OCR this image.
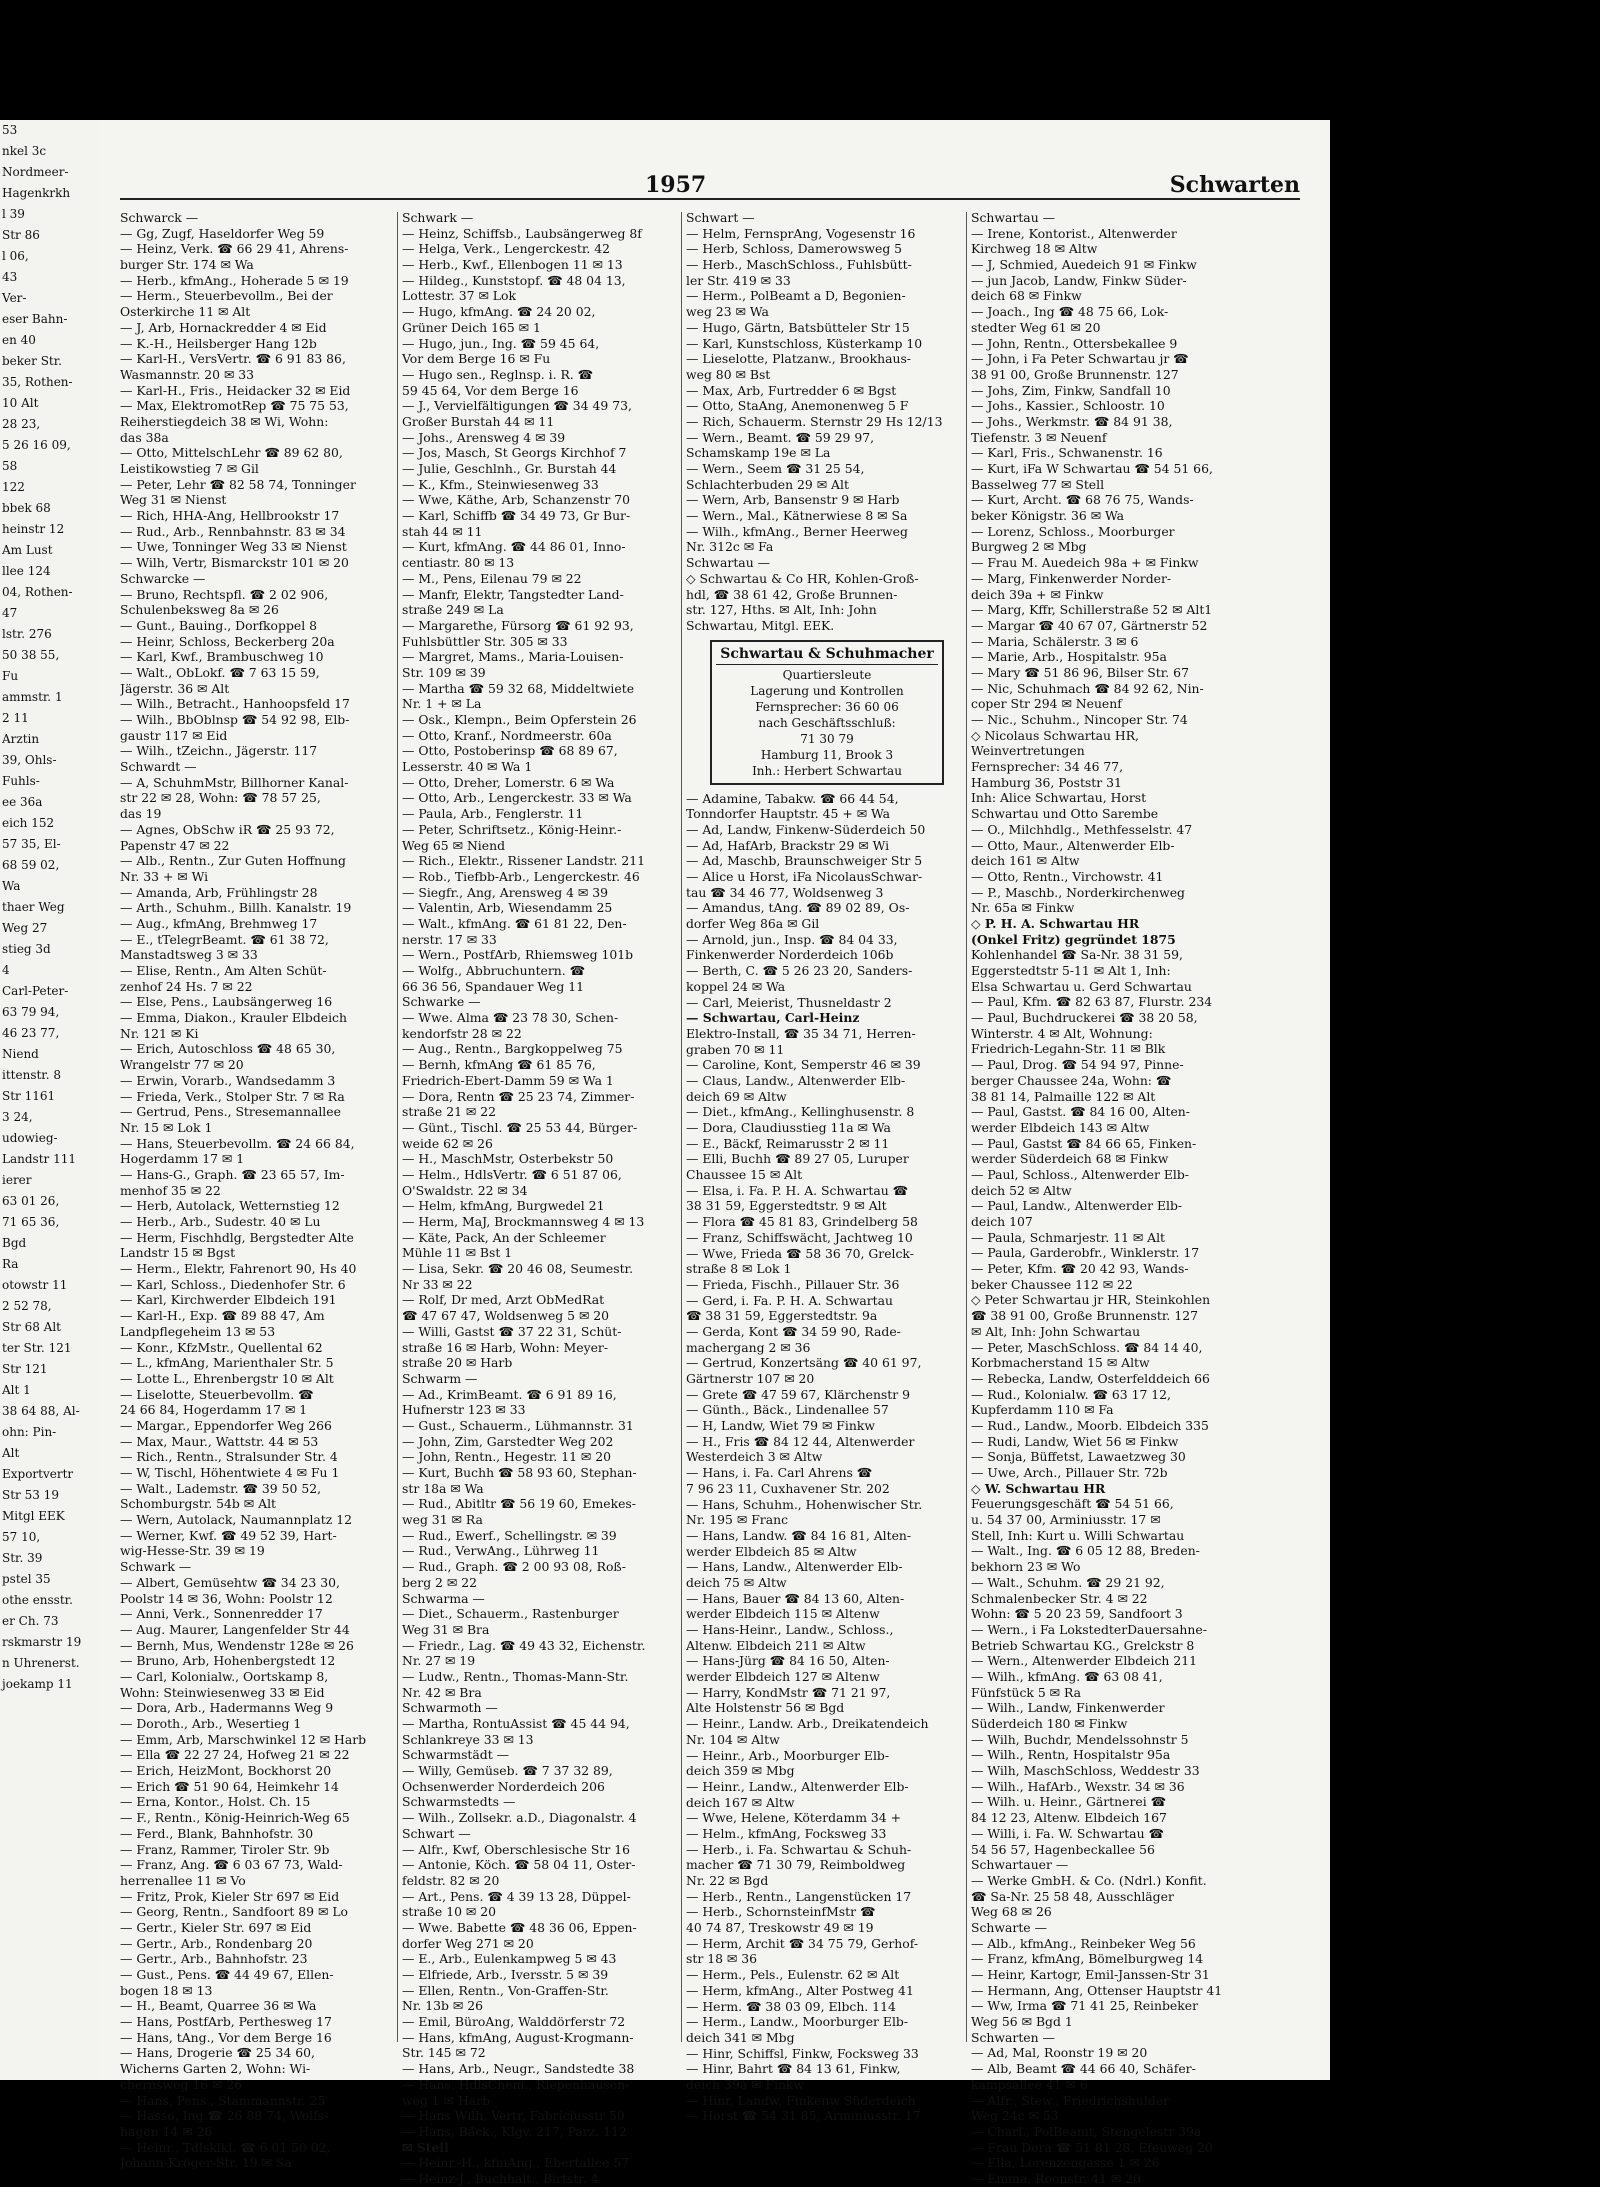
53
nkel 3c
Nordmeer-
Hagenkrkh
l 39
Str 86
l 06,
43
Ver-
eser Bahn-
en 40
beker Str.
35, Rothen-
10 Alt
28 23,
5 26 16 09,
58
122
bbek 68
heinstr 12
Am Lust
llee 124
04, Rothen-
47
lstr. 276
50 38 55,
Fu
ammstr. 1
2 11
Arztin
39, Ohls-
Fuhls-
ee 36a
eich 152
57 35, El-
68 59 02,
Wa
thaer Weg
Weg 27
stieg 3d
4
Carl-Peter-
63 79 94,
46 23 77,
Niend
ittenstr. 8
Str 1161
3 24,
udowieg-
Landstr 111
ierer
63 01 26,
71 65 36,
Bgd
Ra
otowstr 11
2 52 78,
Str 68 Alt
ter Str. 121
Str 121
Alt 1
38 64 88, Al-
ohn: Pin-
Alt
Exportvertr
Str 53 19
Mitgl EEK
57 10,
Str. 39
pstel 35
othe ensstr.
er Ch. 73
rskmarstr 19
n Uhrenerst.
joekamp 11
1957	Schwarten
Schwarck —
— Gg, Zugf, Haseldorfer Weg 59
— Heinz, Verk. ☎ 66 29 41, Ahrens-
burger Str. 174 ✉ Wa
— Herb., kfmAng., Hoherade 5 ✉ 19
— Herm., Steuerbevollm., Bei der
Osterkirche 11 ✉ Alt
— J, Arb, Hornackredder 4 ✉ Eid
— K.-H., Heilsberger Hang 12b
— Karl-H., VersVertr. ☎ 6 91 83 86,
Wasmannstr. 20 ✉ 33
— Karl-H., Fris., Heidacker 32 ✉ Eid
— Max, ElektromotRep ☎ 75 75 53,
Reiherstiegdeich 38 ✉ Wi, Wohn:
das 38a
— Otto, MittelschLehr ☎ 89 62 80,
Leistikowstieg 7 ✉ Gil
— Peter, Lehr ☎ 82 58 74, Tonninger
Weg 31 ✉ Nienst
— Rich, HHA-Ang, Hellbrookstr 17
— Rud., Arb., Rennbahnstr. 83 ✉ 34
— Uwe, Tonninger Weg 33 ✉ Nienst
— Wilh, Vertr, Bismarckstr 101 ✉ 20
Schwarcke —
— Bruno, Rechtspfl. ☎ 2 02 906,
Schulenbeksweg 8a ✉ 26
— Gunt., Bauing., Dorfkoppel 8
— Heinr, Schloss, Beckerberg 20a
— Karl, Kwf., Brambuschweg 10
— Walt., ObLokf. ☎ 7 63 15 59,
Jägerstr. 36 ✉ Alt
— Wilh., Betracht., Hanhoopsfeld 17
— Wilh., BbOblnsp ☎ 54 92 98, Elb-
gaustr 117 ✉ Eid
— Wilh., tZeichn., Jägerstr. 117
Schwardt —
— A, SchuhmMstr, Billhorner Kanal-
str 22 ✉ 28, Wohn: ☎ 78 57 25,
das 19
— Agnes, ObSchw iR ☎ 25 93 72,
Papenstr 47 ✉ 22
— Alb., Rentn., Zur Guten Hoffnung
Nr. 33 + ✉ Wi
— Amanda, Arb, Frühlingstr 28
— Arth., Schuhm., Billh. Kanalstr. 19
— Aug., kfmAng, Brehmweg 17
— E., tTelegrBeamt. ☎ 61 38 72,
Manstadtsweg 3 ✉ 33
— Elise, Rentn., Am Alten Schüt-
zenhof 24 Hs. 7 ✉ 22
— Else, Pens., Laubsängerweg 16
— Emma, Diakon., Krauler Elbdeich
Nr. 121 ✉ Ki
— Erich, Autoschloss ☎ 48 65 30,
Wrangelstr 77 ✉ 20
— Erwin, Vorarb., Wandsedamm 3
— Frieda, Verk., Stolper Str. 7 ✉ Ra
— Gertrud, Pens., Stresemannallee
Nr. 15 ✉ Lok 1
— Hans, Steuerbevollm. ☎ 24 66 84,
Hogerdamm 17 ✉ 1
— Hans-G., Graph. ☎ 23 65 57, Im-
menhof 35 ✉ 22
— Herb, Autolack, Wetternstieg 12
— Herb., Arb., Sudestr. 40 ✉ Lu
— Herm, Fischhdlg, Bergstedter Alte
Landstr 15 ✉ Bgst
— Herm., Elektr, Fahrenort 90, Hs 40
— Karl, Schloss., Diedenhofer Str. 6
— Karl, Kirchwerder Elbdeich 191
— Karl-H., Exp. ☎ 89 88 47, Am
Landpflegeheim 13 ✉ 53
— Konr., KfzMstr., Quellental 62
— L., kfmAng, Marienthaler Str. 5
— Lotte L., Ehrenbergstr 10 ✉ Alt
— Liselotte, Steuerbevollm. ☎
24 66 84, Hogerdamm 17 ✉ 1
— Margar., Eppendorfer Weg 266
— Max, Maur., Wattstr. 44 ✉ 53
— Rich., Rentn., Stralsunder Str. 4
— W, Tischl, Höhentwiete 4 ✉ Fu 1
— Walt., Lademstr. ☎ 39 50 52,
Schomburgstr. 54b ✉ Alt
— Wern, Autolack, Naumannplatz 12
— Werner, Kwf. ☎ 49 52 39, Hart-
wig-Hesse-Str. 39 ✉ 19
Schwark —
— Albert, Gemüsehtw ☎ 34 23 30,
Poolstr 14 ✉ 36, Wohn: Poolstr 12
— Anni, Verk., Sonnenredder 17
— Aug. Maurer, Langenfelder Str 44
— Bernh, Mus, Wendenstr 128e ✉ 26
— Bruno, Arb, Hohenbergstedt 12
— Carl, Kolonialw., Oortskamp 8,
Wohn: Steinwiesenweg 33 ✉ Eid
— Dora, Arb., Hadermanns Weg 9
— Doroth., Arb., Wesertieg 1
— Emm, Arb, Marschwinkel 12 ✉ Harb
— Ella ☎ 22 27 24, Hofweg 21 ✉ 22
— Erich, HeizMont, Bockhorst 20
— Erich ☎ 51 90 64, Heimkehr 14
— Erna, Kontor., Holst. Ch. 15
— F., Rentn., König-Heinrich-Weg 65
— Ferd., Blank, Bahnhofstr. 30
— Franz, Rammer, Tiroler Str. 9b
— Franz, Ang. ☎ 6 03 67 73, Wald-
herrenallee 11 ✉ Vo
— Fritz, Prok, Kieler Str 697 ✉ Eid
— Georg, Rentn., Sandfoort 89 ✉ Lo
— Gertr., Kieler Str. 697 ✉ Eid
— Gertr., Arb., Rondenbarg 20
— Gertr., Arb., Bahnhofstr. 23
— Gust., Pens. ☎ 44 49 67, Ellen-
bogen 18 ✉ 13
— H., Beamt, Quarree 36 ✉ Wa
— Hans, PostfArb, Perthesweg 17
— Hans, tAng., Vor dem Berge 16
— Hans, Drogerie ☎ 25 34 60,
Wicherns Garten 2, Wohn: Wi-
chernsweg 16 ✉ 26
— Hans, Pens., Stammannstr. 25
— Hasso, Ing ☎ 26 88 74, Wolfs-
hagen 14 ✉ 26
— Heinr., Tdlsklkl. ☎ 6 01 50 02,
Johann-Kröger-Str. 19 ✉ Sa
Schwark —
— Heinz, Schiffsb., Laubsängerweg 8f
— Helga, Verk., Lengerckestr. 42
— Herb., Kwf., Ellenbogen 11 ✉ 13
— Hildeg., Kunststopf. ☎ 48 04 13,
Lottestr. 37 ✉ Lok
— Hugo, kfmAng. ☎ 24 20 02,
Grüner Deich 165 ✉ 1
— Hugo, jun., Ing. ☎ 59 45 64,
Vor dem Berge 16 ✉ Fu
— Hugo sen., Reglnsp. i. R. ☎
59 45 64, Vor dem Berge 16
— J., Vervielfältigungen ☎ 34 49 73,
Großer Burstah 44 ✉ 11
— Johs., Arensweg 4 ✉ 39
— Jos, Masch, St Georgs Kirchhof 7
— Julie, Geschlnh., Gr. Burstah 44
— K., Kfm., Steinwiesenweg 33
— Wwe, Käthe, Arb, Schanzenstr 70
— Karl, Schiffb ☎ 34 49 73, Gr Bur-
stah 44 ✉ 11
— Kurt, kfmAng. ☎ 44 86 01, Inno-
centiastr. 80 ✉ 13
— M., Pens, Eilenau 79 ✉ 22
— Manfr, Elektr, Tangstedter Land-
straße 249 ✉ La
— Margarethe, Fürsorg ☎ 61 92 93,
Fuhlsbüttler Str. 305 ✉ 33
— Margret, Mams., Maria-Louisen-
Str. 109 ✉ 39
— Martha ☎ 59 32 68, Middeltwiete
Nr. 1 + ✉ La
— Osk., Klempn., Beim Opferstein 26
— Otto, Kranf., Nordmeerstr. 60a
— Otto, Postoberinsp ☎ 68 89 67,
Lesserstr. 40 ✉ Wa 1
— Otto, Dreher, Lomerstr. 6 ✉ Wa
— Otto, Arb., Lengerckestr. 33 ✉ Wa
— Paula, Arb., Fenglerstr. 11
— Peter, Schriftsetz., König-Heinr.-
Weg 65 ✉ Niend
— Rich., Elektr., Rissener Landstr. 211
— Rob., Tiefbb-Arb., Lengerckestr. 46
— Siegfr., Ang, Arensweg 4 ✉ 39
— Valentin, Arb, Wiesendamm 25
— Walt., kfmAng. ☎ 61 81 22, Den-
nerstr. 17 ✉ 33
— Wern., PostfArb, Rhiemsweg 101b
— Wolfg., Abbruchuntern. ☎
66 36 56, Spandauer Weg 11
Schwarke —
— Wwe. Alma ☎ 23 78 30, Schen-
kendorfstr 28 ✉ 22
— Aug., Rentn., Bargkoppelweg 75
— Bernh, kfmAng ☎ 61 85 76,
Friedrich-Ebert-Damm 59 ✉ Wa 1
— Dora, Rentn ☎ 25 23 74, Zimmer-
straße 21 ✉ 22
— Günt., Tischl. ☎ 25 53 44, Bürger-
weide 62 ✉ 26
— H., MaschMstr, Osterbekstr 50
— Helm., HdlsVertr. ☎ 6 51 87 06,
O'Swaldstr. 22 ✉ 34
— Helm, kfmAng, Burgwedel 21
— Herm, MaJ, Brockmannsweg 4 ✉ 13
— Käte, Pack, An der Schleemer
Mühle 11 ✉ Bst 1
— Lisa, Sekr. ☎ 20 46 08, Seumestr.
Nr 33 ✉ 22
— Rolf, Dr med, Arzt ObMedRat
☎ 47 67 47, Woldsenweg 5 ✉ 20
— Willi, Gastst ☎ 37 22 31, Schüt-
straße 16 ✉ Harb, Wohn: Meyer-
straße 20 ✉ Harb
Schwarm —
— Ad., KrimBeamt. ☎ 6 91 89 16,
Hufnerstr 123 ✉ 33
— Gust., Schauerm., Lühmannstr. 31
— John, Zim, Garstedter Weg 202
— John, Rentn., Hegestr. 11 ✉ 20
— Kurt, Buchh ☎ 58 93 60, Stephan-
str 18a ✉ Wa
— Rud., Abitltr ☎ 56 19 60, Emekes-
weg 31 ✉ Ra
— Rud., Ewerf., Schellingstr. ✉ 39
— Rud., VerwAng., Lührweg 11
— Rud., Graph. ☎ 2 00 93 08, Roß-
berg 2 ✉ 22
Schwarma —
— Diet., Schauerm., Rastenburger
Weg 31 ✉ Bra
— Friedr., Lag. ☎ 49 43 32, Eichenstr.
Nr. 27 ✉ 19
— Ludw., Rentn., Thomas-Mann-Str.
Nr. 42 ✉ Bra
Schwarmoth —
— Martha, RontuAssist ☎ 45 44 94,
Schlankreye 33 ✉ 13
Schwarmstädt —
— Willy, Gemüseb. ☎ 7 37 32 89,
Ochsenwerder Norderdeich 206
Schwarmstedts —
— Wilh., Zollsekr. a.D., Diagonalstr. 4
Schwart —
— Alfr., Kwf, Oberschlesische Str 16
— Antonie, Köch. ☎ 58 04 11, Oster-
feldstr. 82 ✉ 20
— Art., Pens. ☎ 4 39 13 28, Düppel-
straße 10 ✉ 20
— Wwe. Babette ☎ 48 36 06, Eppen-
dorfer Weg 271 ✉ 20
— E., Arb., Eulenkampweg 5 ✉ 43
— Elfriede, Arb., Iversstr. 5 ✉ 39
— Ellen, Rentn., Von-Graffen-Str.
Nr. 13b ✉ 26
— Emil, BüroAng, Walddörferstr 72
— Hans, kfmAng, August-Krogmann-
Str. 145 ✉ 72
— Hans, Arb., Neugr., Sandstedte 38
— Hans, HdlsChem., Riepenhausen-
weg 1 ✉ Harb
— Hans Wilh, Vertr, Fabriciusstr 50
— Hans, Bäck., Klgv. 217, Parz. 112
✉ Stell
— Heinr.-H., kfmAng., Ebertallee 57
— Heinz-J., Buchhalt., Birtstr. 4
Schwart —
— Helm, FernsprAng, Vogesenstr 16
— Herb, Schloss, Damerowsweg 5
— Herb., MaschSchloss., Fuhlsbütt-
ler Str. 419 ✉ 33
— Herm., PolBeamt a D, Begonien-
weg 23 ✉ Wa
— Hugo, Gärtn, Batsbütteler Str 15
— Karl, Kunstschloss, Küsterkamp 10
— Lieselotte, Platzanw., Brookhaus-
weg 80 ✉ Bst
— Max, Arb, Furtredder 6 ✉ Bgst
— Otto, StaAng, Anemonenweg 5 F
— Rich, Schauerm. Sternstr 29 Hs 12/13
— Wern., Beamt. ☎ 59 29 97,
Schamskamp 19e ✉ La
— Wern., Seem ☎ 31 25 54,
Schlachterbuden 29 ✉ Alt
— Wern, Arb, Bansenstr 9 ✉ Harb
— Wern., Mal., Kätnerwiese 8 ✉ Sa
— Wilh., kfmAng., Berner Heerweg
Nr. 312c ✉ Fa
Schwartau —
◇ Schwartau & Co HR, Kohlen-Groß-
hdl, ☎ 38 61 42, Große Brunnen-
str. 127, Hths. ✉ Alt, Inh: John
Schwartau, Mitgl. EEK.
Schwartau & Schuhmacher
Quartiersleute
Lagerung und Kontrollen
Fernsprecher: 36 60 06
nach Geschäftsschluß:
71 30 79
Hamburg 11, Brook 3
Inh.: Herbert Schwartau
— Adamine, Tabakw. ☎ 66 44 54,
Tonndorfer Hauptstr. 45 + ✉ Wa
— Ad, Landw, Finkenw-Süderdeich 50
— Ad, HafArb, Brackstr 29 ✉ Wi
— Ad, Maschb, Braunschweiger Str 5
— Alice u Horst, iFa NicolausSchwar-
tau ☎ 34 46 77, Woldsenweg 3
— Amandus, tAng. ☎ 89 02 89, Os-
dorfer Weg 86a ✉ Gil
— Arnold, jun., Insp. ☎ 84 04 33,
Finkenwerder Norderdeich 106b
— Berth, C. ☎ 5 26 23 20, Sanders-
koppel 24 ✉ Wa
— Carl, Meierist, Thusneldastr 2
— Schwartau, Carl-Heinz
Elektro-Install, ☎ 35 34 71, Herren-
graben 70 ✉ 11
— Caroline, Kont, Semperstr 46 ✉ 39
— Claus, Landw., Altenwerder Elb-
deich 69 ✉ Altw
— Diet., kfmAng., Kellinghusenstr. 8
— Dora, Claudiusstieg 11a ✉ Wa
— E., Bäckf, Reimarusstr 2 ✉ 11
— Elli, Buchh ☎ 89 27 05, Luruper
Chaussee 15 ✉ Alt
— Elsa, i. Fa. P. H. A. Schwartau ☎
38 31 59, Eggerstedtstr. 9 ✉ Alt
— Flora ☎ 45 81 83, Grindelberg 58
— Franz, Schiffswächt, Jachtweg 10
— Wwe, Frieda ☎ 58 36 70, Grelck-
straße 8 ✉ Lok 1
— Frieda, Fischh., Pillauer Str. 36
— Gerd, i. Fa. P. H. A. Schwartau
☎ 38 31 59, Eggerstedtstr. 9a
— Gerda, Kont ☎ 34 59 90, Rade-
machergang 2 ✉ 36
— Gertrud, Konzertsäng ☎ 40 61 97,
Gärtnerstr 107 ✉ 20
— Grete ☎ 47 59 67, Klärchenstr 9
— Günth., Bäck., Lindenallee 57
— H, Landw, Wiet 79 ✉ Finkw
— H., Fris ☎ 84 12 44, Altenwerder
Westerdeich 3 ✉ Altw
— Hans, i. Fa. Carl Ahrens ☎
7 96 23 11, Cuxhavener Str. 202
— Hans, Schuhm., Hohenwischer Str.
Nr. 195 ✉ Franc
— Hans, Landw. ☎ 84 16 81, Alten-
werder Elbdeich 85 ✉ Altw
— Hans, Landw., Altenwerder Elb-
deich 75 ✉ Altw
— Hans, Bauer ☎ 84 13 60, Alten-
werder Elbdeich 115 ✉ Altenw
— Hans-Heinr., Landw., Schloss.,
Altenw. Elbdeich 211 ✉ Altw
— Hans-Jürg ☎ 84 16 50, Alten-
werder Elbdeich 127 ✉ Altenw
— Harry, KondMstr ☎ 71 21 97,
Alte Holstenstr 56 ✉ Bgd
— Heinr., Landw. Arb., Dreikatendeich
Nr. 104 ✉ Altw
— Heinr., Arb., Moorburger Elb-
deich 359 ✉ Mbg
— Heinr., Landw., Altenwerder Elb-
deich 167 ✉ Altw
— Wwe, Helene, Köterdamm 34 +
— Helm., kfmAng, Focksweg 33
— Herb., i. Fa. Schwartau & Schuh-
macher ☎ 71 30 79, Reimboldweg
Nr. 22 ✉ Bgd
— Herb., Rentn., Langenstücken 17
— Herb., SchornsteinfMstr ☎
40 74 87, Treskowstr 49 ✉ 19
— Herm, Archit ☎ 34 75 79, Gerhof-
str 18 ✉ 36
— Herm., Pels., Eulenstr. 62 ✉ Alt
— Herm, kfmAng., Alter Postweg 41
— Herm. ☎ 38 03 09, Elbch. 114
— Herm., Landw., Moorburger Elb-
deich 341 ✉ Mbg
— Hinr, Schiffsl, Finkw, Focksweg 33
— Hinr, Bahrt ☎ 84 13 61, Finkw,
deich 39a ✉ Finkw
— Hinr, Landw, Finkenw Süderdeich
— Horst ☎ 54 31 85, Arminiusstr. 17
Schwartau —
— Irene, Kontorist., Altenwerder
Kirchweg 18 ✉ Altw
— J, Schmied, Auedeich 91 ✉ Finkw
— jun Jacob, Landw, Finkw Süder-
deich 68 ✉ Finkw
— Joach., Ing ☎ 48 75 66, Lok-
stedter Weg 61 ✉ 20
— John, Rentn., Ottersbekallee 9
— John, i Fa Peter Schwartau jr ☎
38 91 00, Große Brunnenstr. 127
— Johs, Zim, Finkw, Sandfall 10
— Johs., Kassier., Schloostr. 10
— Johs., Werkmstr. ☎ 84 91 38,
Tiefenstr. 3 ✉ Neuenf
— Karl, Fris., Schwanenstr. 16
— Kurt, iFa W Schwartau ☎ 54 51 66,
Basselweg 77 ✉ Stell
— Kurt, Archt. ☎ 68 76 75, Wands-
beker Königstr. 36 ✉ Wa
— Lorenz, Schloss., Moorburger
Burgweg 2 ✉ Mbg
— Frau M. Auedeich 98a + ✉ Finkw
— Marg, Finkenwerder Norder-
deich 39a + ✉ Finkw
— Marg, Kffr, Schillerstraße 52 ✉ Alt1
— Margar ☎ 40 67 07, Gärtnerstr 52
— Maria, Schälerstr. 3 ✉ 6
— Marie, Arb., Hospitalstr. 95a
— Mary ☎ 51 86 96, Bilser Str. 67
— Nic, Schuhmach ☎ 84 92 62, Nin-
coper Str 294 ✉ Neuenf
— Nic., Schuhm., Nincoper Str. 74
◇ Nicolaus Schwartau HR,
Weinvertretungen
Fernsprecher: 34 46 77,
Hamburg 36, Poststr 31
Inh: Alice Schwartau, Horst
Schwartau und Otto Sarembe
— O., Milchhdlg., Methfesselstr. 47
— Otto, Maur., Altenwerder Elb-
deich 161 ✉ Altw
— Otto, Rentn., Virchowstr. 41
— P., Maschb., Norderkirchenweg
Nr. 65a ✉ Finkw
◇ P. H. A. Schwartau HR
(Onkel Fritz) gegründet 1875
Kohlenhandel ☎ Sa-Nr. 38 31 59,
Eggerstedtstr 5-11 ✉ Alt 1, Inh:
Elsa Schwartau u. Gerd Schwartau
— Paul, Kfm. ☎ 82 63 87, Flurstr. 234
— Paul, Buchdruckerei ☎ 38 20 58,
Winterstr. 4 ✉ Alt, Wohnung:
Friedrich-Legahn-Str. 11 ✉ Blk
— Paul, Drog. ☎ 54 94 97, Pinne-
berger Chaussee 24a, Wohn: ☎
38 81 14, Palmaille 122 ✉ Alt
— Paul, Gastst. ☎ 84 16 00, Alten-
werder Elbdeich 143 ✉ Altw
— Paul, Gastst ☎ 84 66 65, Finken-
werder Süderdeich 68 ✉ Finkw
— Paul, Schloss., Altenwerder Elb-
deich 52 ✉ Altw
— Paul, Landw., Altenwerder Elb-
deich 107
— Paula, Schmarjestr. 11 ✉ Alt
— Paula, Garderobfr., Winklerstr. 17
— Peter, Kfm. ☎ 20 42 93, Wands-
beker Chaussee 112 ✉ 22
◇ Peter Schwartau jr HR, Steinkohlen
☎ 38 91 00, Große Brunnenstr. 127
✉ Alt, Inh: John Schwartau
— Peter, MaschSchloss. ☎ 84 14 40,
Korbmacherstand 15 ✉ Altw
— Rebecka, Landw, Osterfelddeich 66
— Rud., Kolonialw. ☎ 63 17 12,
Kupferdamm 110 ✉ Fa
— Rud., Landw., Moorb. Elbdeich 335
— Rudi, Landw, Wiet 56 ✉ Finkw
— Sonja, Büffetst, Lawaetzweg 30
— Uwe, Arch., Pillauer Str. 72b
◇ W. Schwartau HR
Feuerungsgeschäft ☎ 54 51 66,
u. 54 37 00, Arminiusstr. 17 ✉
Stell, Inh: Kurt u. Willi Schwartau
— Walt., Ing. ☎ 6 05 12 88, Breden-
bekhorn 23 ✉ Wo
— Walt., Schuhm. ☎ 29 21 92,
Schmalenbecker Str. 4 ✉ 22
Wohn: ☎ 5 20 23 59, Sandfoort 3
— Wern., i Fa LokstedterDauersahne-
Betrieb Schwartau KG., Grelckstr 8
— Wern., Altenwerder Elbdeich 211
— Wilh., kfmAng. ☎ 63 08 41,
Fünfstück 5 ✉ Ra
— Wilh., Landw, Finkenwerder
Süderdeich 180 ✉ Finkw
— Wilh, Buchdr, Mendelssohnstr 5
— Wilh., Rentn, Hospitalstr 95a
— Wilh, MaschSchloss, Weddestr 33
— Wilh., HafArb., Wexstr. 34 ✉ 36
— Wilh. u. Heinr., Gärtnerei ☎
84 12 23, Altenw. Elbdeich 167
— Willi, i. Fa. W. Schwartau ☎
54 56 57, Hagenbeckallee 56
Schwartauer —
— Werke GmbH. & Co. (Ndrl.) Konfit.
☎ Sa-Nr. 25 58 48, Ausschläger
Weg 68 ✉ 26
Schwarte —
— Alb., kfmAng., Reinbeker Weg 56
— Franz, kfmAng, Bömelburgweg 14
— Heinr, Kartogr, Emil-Janssen-Str 31
— Hermann, Ang, Ottenser Hauptstr 41
— Ww, Irma ☎ 71 41 25, Reinbeker
Weg 56 ✉ Bgd 1
Schwarten —
— Ad, Mal, Roonstr 19 ✉ 20
— Alb, Beamt ☎ 44 66 40, Schäfer-
kampsallee 41 ✉ 6
— Alfr., Stew., Friedrichshulder
Weg 24c ✉ 53
— Charl., PolBeamt, Stengelestr 39a
— Frau Dora ☎ 51 81 28, Efeuweg 20
— Ella, Lorenzengasse 1 ✉ 26
— Emma, Roonstr. 41 ✉ 20
